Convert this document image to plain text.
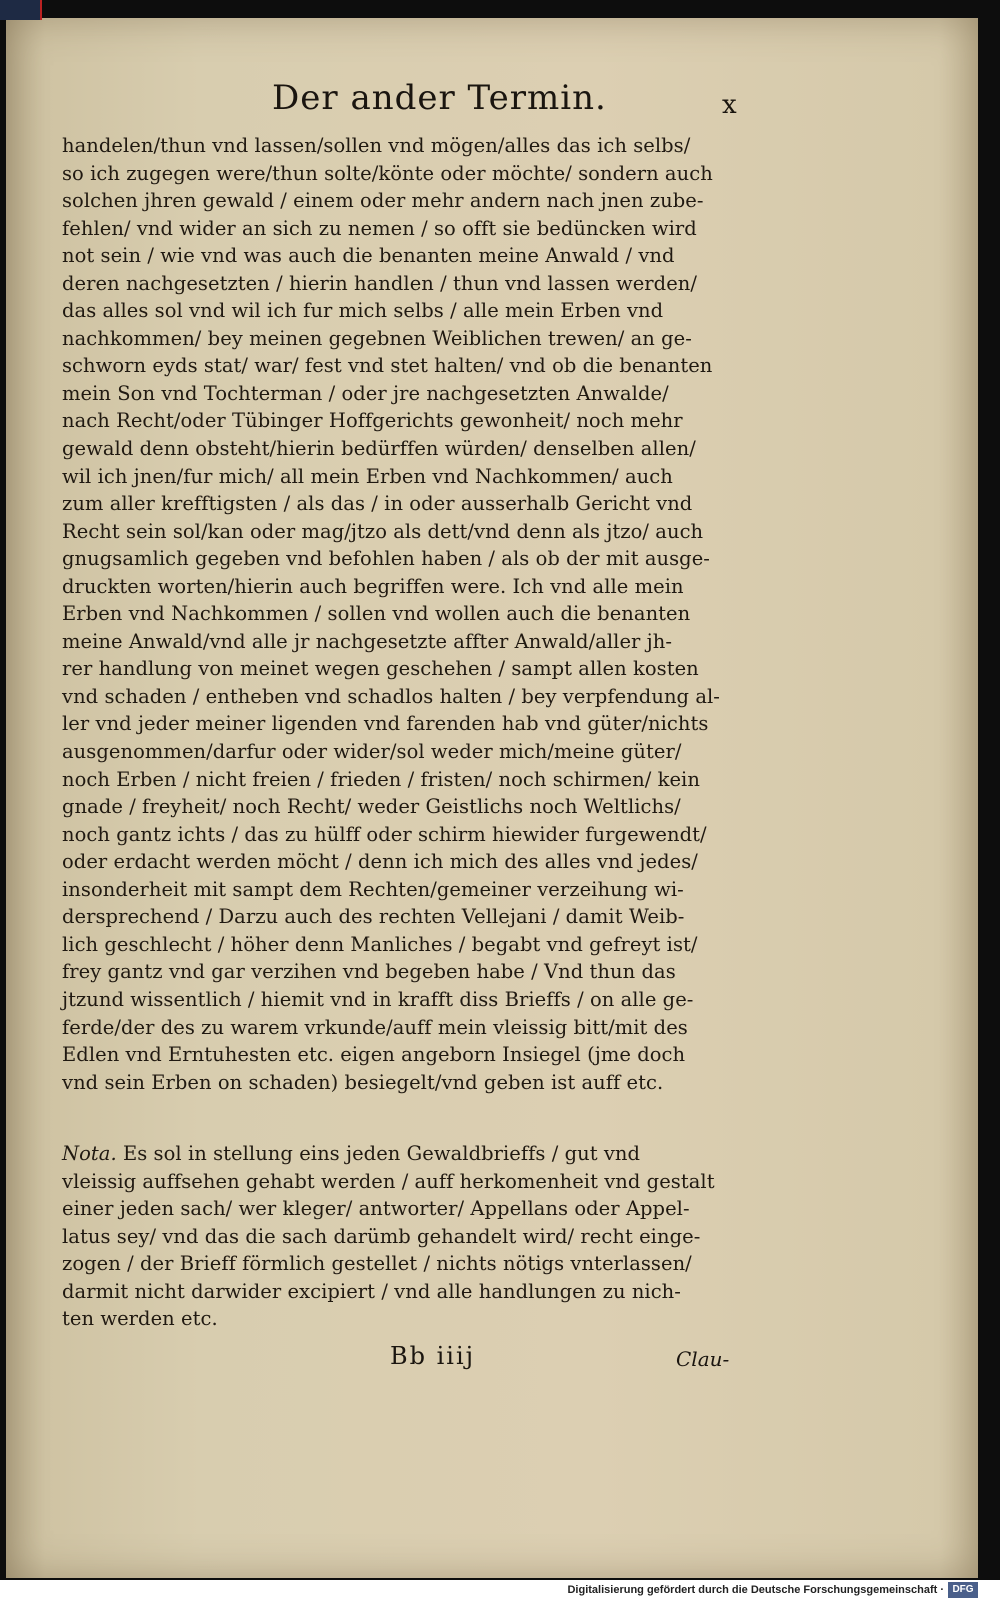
Der ander Termin.	x
handelen/thun vnd lassen/sollen vnd mögen/alles das ich selbs/
so ich zugegen were/thun solte/könte oder möchte/ sondern auch
solchen jhren gewald / einem oder mehr andern nach jnen zube-
fehlen/ vnd wider an sich zu nemen / so offt sie bedüncken wird
not sein / wie vnd was auch die benanten meine Anwald / vnd
deren nachgesetzten / hierin handlen / thun vnd lassen werden/
das alles sol vnd wil ich fur mich selbs / alle mein Erben vnd
nachkommen/ bey meinen gegebnen Weiblichen trewen/ an ge-
schworn eyds stat/ war/ fest vnd stet halten/ vnd ob die benanten
mein Son vnd Tochterman / oder jre nachgesetzten Anwalde/
nach Recht/oder Tübinger Hoffgerichts gewonheit/ noch mehr
gewald denn obsteht/hierin bedürffen würden/ denselben allen/
wil ich jnen/fur mich/ all mein Erben vnd Nachkommen/ auch
zum aller krefftigsten / als das / in oder ausserhalb Gericht vnd
Recht sein sol/kan oder mag/jtzo als dett/vnd denn als jtzo/ auch
gnugsamlich gegeben vnd befohlen haben / als ob der mit ausge-
druckten worten/hierin auch begriffen were. Ich vnd alle mein
Erben vnd Nachkommen / sollen vnd wollen auch die benanten
meine Anwald/vnd alle jr nachgesetzte affter Anwald/aller jh-
rer handlung von meinet wegen geschehen / sampt allen kosten
vnd schaden / entheben vnd schadlos halten / bey verpfendung al-
ler vnd jeder meiner ligenden vnd farenden hab vnd güter/nichts
ausgenommen/darfur oder wider/sol weder mich/meine güter/
noch Erben / nicht freien / frieden / fristen/ noch schirmen/ kein
gnade / freyheit/ noch Recht/ weder Geistlichs noch Weltlichs/
noch gantz ichts / das zu hülff oder schirm hiewider furgewendt/
oder erdacht werden möcht / denn ich mich des alles vnd jedes/
insonderheit mit sampt dem Rechten/gemeiner verzeihung wi-
dersprechend / Darzu auch des rechten Vellejani / damit Weib-
lich geschlecht / höher denn Manliches / begabt vnd gefreyt ist/
frey gantz vnd gar verzihen vnd begeben habe / Vnd thun das
jtzund wissentlich / hiemit vnd in krafft diss Brieffs / on alle ge-
ferde/der des zu warem vrkunde/auff mein vleissig bitt/mit des
Edlen vnd Erntuhesten etc. eigen angeborn Insiegel (jme doch
vnd sein Erben on schaden) besiegelt/vnd geben ist auff etc.
Nota. Es sol in stellung eins jeden Gewaldbrieffs / gut vnd
vleissig auffsehen gehabt werden / auff herkomenheit vnd gestalt
einer jeden sach/ wer kleger/ antworter/ Appellans oder Appel-
latus sey/ vnd das die sach darümb gehandelt wird/ recht einge-
zogen / der Brieff förmlich gestellet / nichts nötigs vnterlassen/
darmit nicht darwider excipiert / vnd alle handlungen zu nich-
ten werden etc.
Bb iiij	Clau-
Digitalisierung gefördert durch die Deutsche Forschungsgemeinschaft · DFG
